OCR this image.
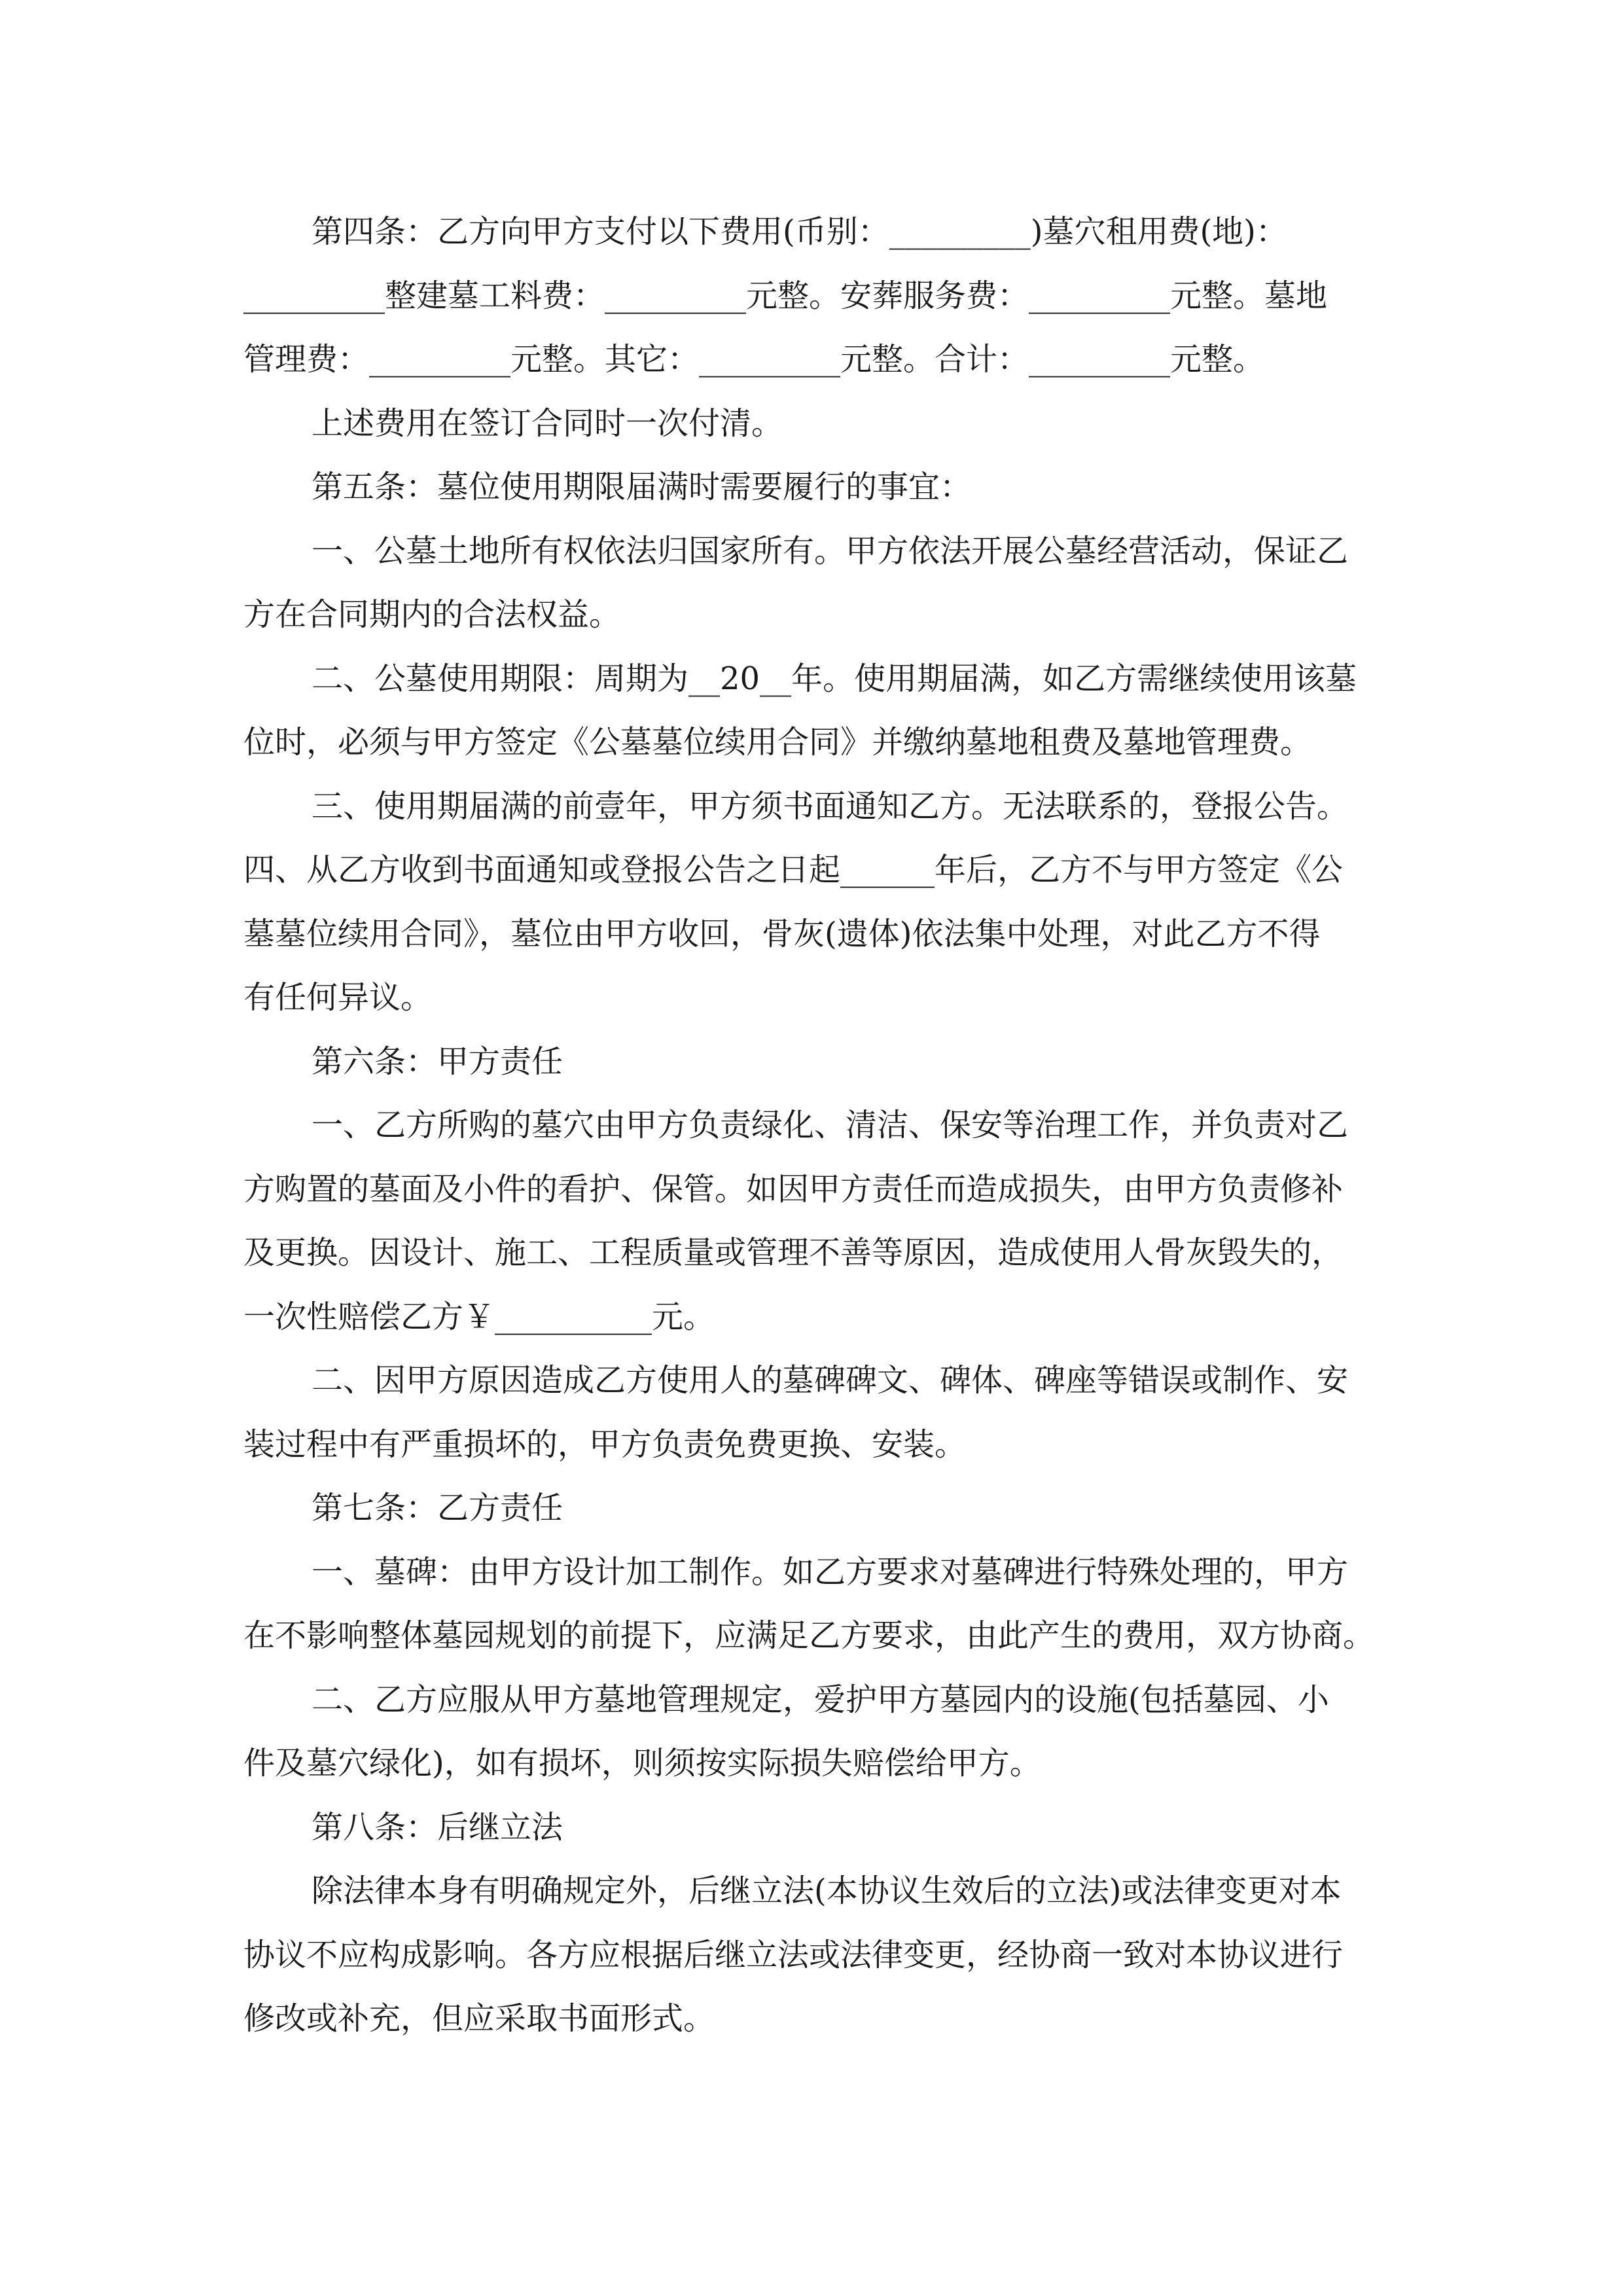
第四条：乙方向甲方支付以下费用(币别：_________)墓穴租用费(地)：
_________整建墓工料费：_________元整。安葬服务费：_________元整。墓地
管理费：_________元整。其它：_________元整。合计：_________元整。
上述费用在签订合同时一次付清。
第五条：墓位使用期限届满时需要履行的事宜：
一、公墓土地所有权依法归国家所有。甲方依法开展公墓经营活动，保证乙
方在合同期内的合法权益。
二、公墓使用期限：周期为__20__年。使用期届满，如乙方需继续使用该墓
位时，必须与甲方签定《公墓墓位续用合同》并缴纳墓地租费及墓地管理费。
三、使用期届满的前壹年，甲方须书面通知乙方。无法联系的，登报公告。
四、从乙方收到书面通知或登报公告之日起______年后，乙方不与甲方签定《公
墓墓位续用合同》，墓位由甲方收回，骨灰(遗体)依法集中处理，对此乙方不得
有任何异议。
第六条：甲方责任
一、乙方所购的墓穴由甲方负责绿化、清洁、保安等治理工作，并负责对乙
方购置的墓面及小件的看护、保管。如因甲方责任而造成损失，由甲方负责修补
及更换。因设计、施工、工程质量或管理不善等原因，造成使用人骨灰毁失的，
一次性赔偿乙方￥__________元。
二、因甲方原因造成乙方使用人的墓碑碑文、碑体、碑座等错误或制作、安
装过程中有严重损坏的，甲方负责免费更换、安装。
第七条：乙方责任
一、墓碑：由甲方设计加工制作。如乙方要求对墓碑进行特殊处理的，甲方
在不影响整体墓园规划的前提下，应满足乙方要求，由此产生的费用，双方协商。
二、乙方应服从甲方墓地管理规定，爱护甲方墓园内的设施(包括墓园、小
件及墓穴绿化)，如有损坏，则须按实际损失赔偿给甲方。
第八条：后继立法
除法律本身有明确规定外，后继立法(本协议生效后的立法)或法律变更对本
协议不应构成影响。各方应根据后继立法或法律变更，经协商一致对本协议进行
修改或补充，但应采取书面形式。
